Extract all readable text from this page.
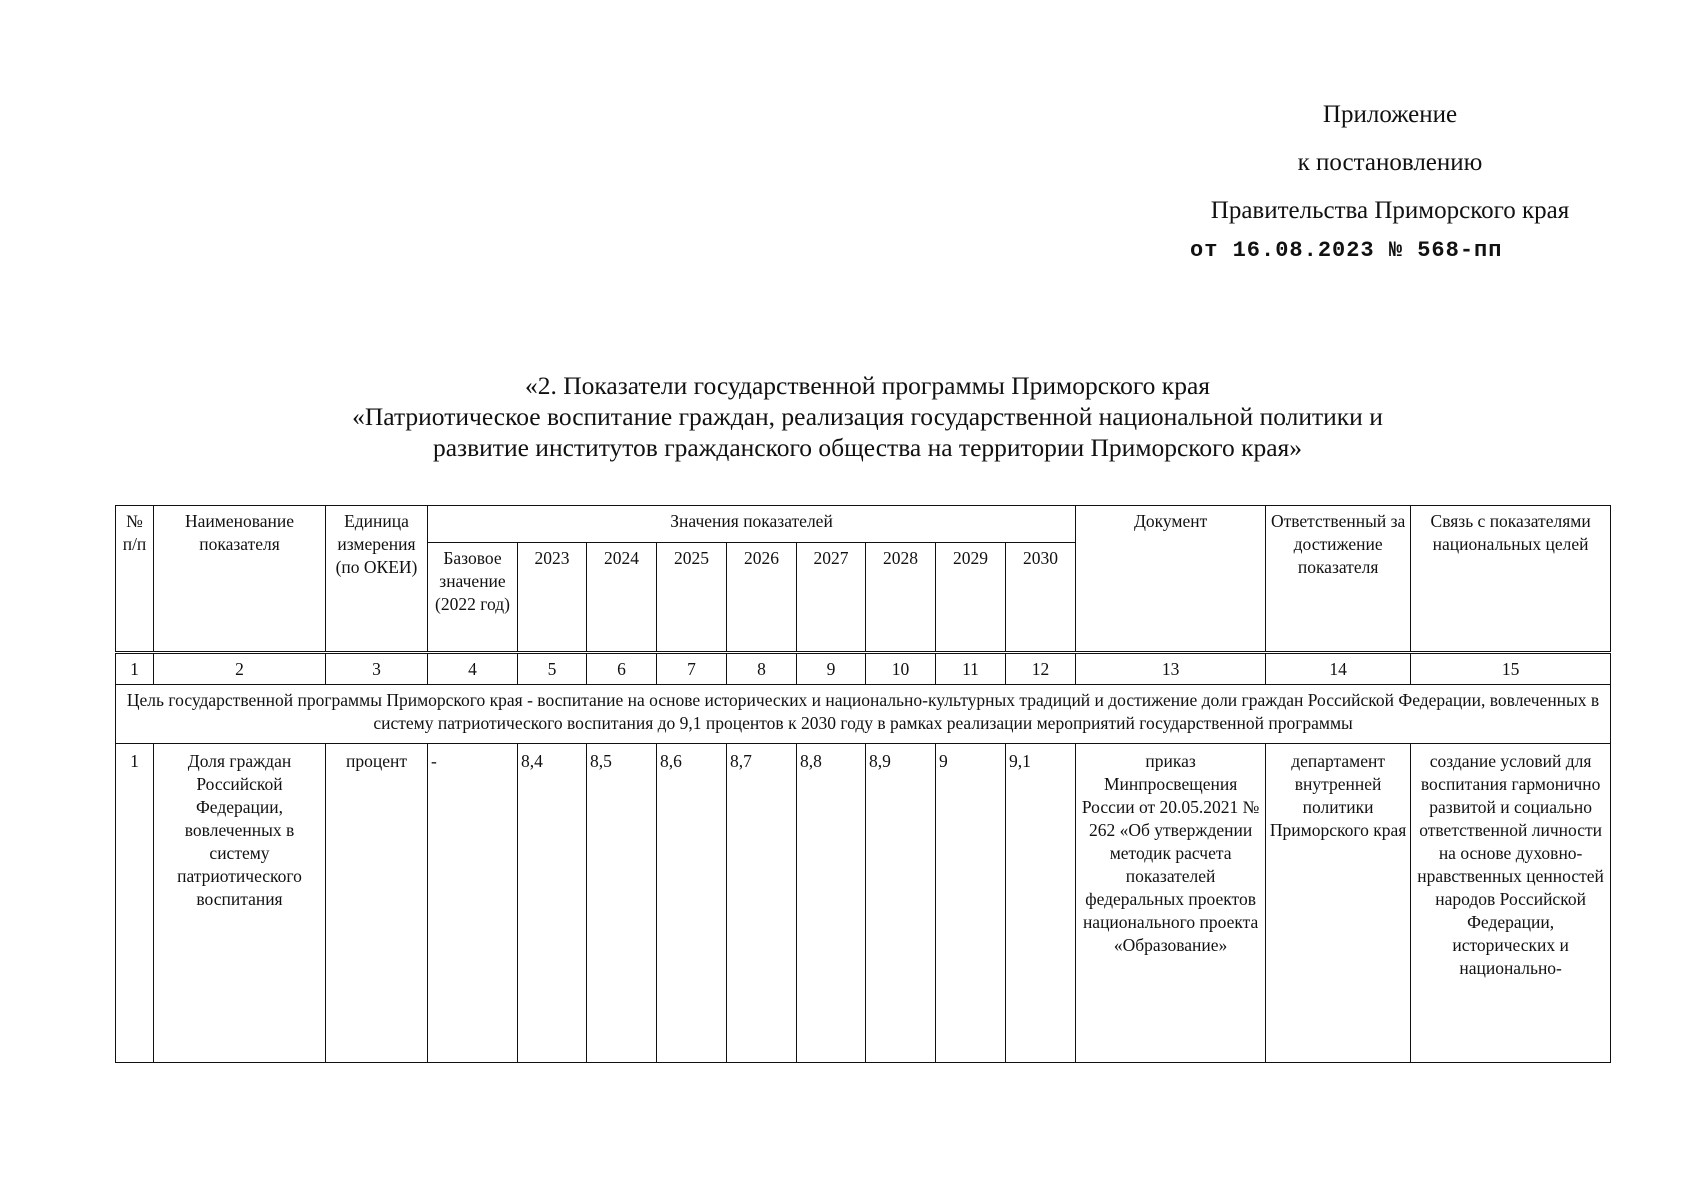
Приложение
к постановлению
Правительства Приморского края
от 16.08.2023 № 568-пп
«2. Показатели государственной программы Приморского края
«Патриотическое воспитание граждан, реализация государственной национальной политики и
развитие институтов гражданского общества на территории Приморского края»
№ п/п	Наименование показателя	Единица измерения (по ОКЕИ)	Значения показателей									Документ	Ответственный за достижение показателя	Связь с показателями национальных целей
			Базовое значение (2022 год)	2023	2024	2025	2026	2027	2028	2029	2030			
1	2	3	4	5	6	7	8	9	10	11	12	13	14	15
Цель государственной программы Приморского края - воспитание на основе исторических и национально-культурных традиций и достижение доли граждан Российской Федерации, вовлеченных в систему патриотического воспитания до 9,1 процентов к 2030 году в рамках реализации мероприятий государственной программы														
1	Доля граждан Российской Федерации, вовлеченных в систему патриотического воспитания	процент	-	8,4	8,5	8,6	8,7	8,8	8,9	9	9,1	приказ Минпросвещения России от 20.05.2021 № 262 «Об утверждении методик расчета показателей федеральных проектов национального проекта «Образование»	департамент внутренней политики Приморского края	создание условий для воспитания гармонично развитой и социально ответственной личности на основе духовно-нравственных ценностей народов Российской Федерации, исторических и национально-
